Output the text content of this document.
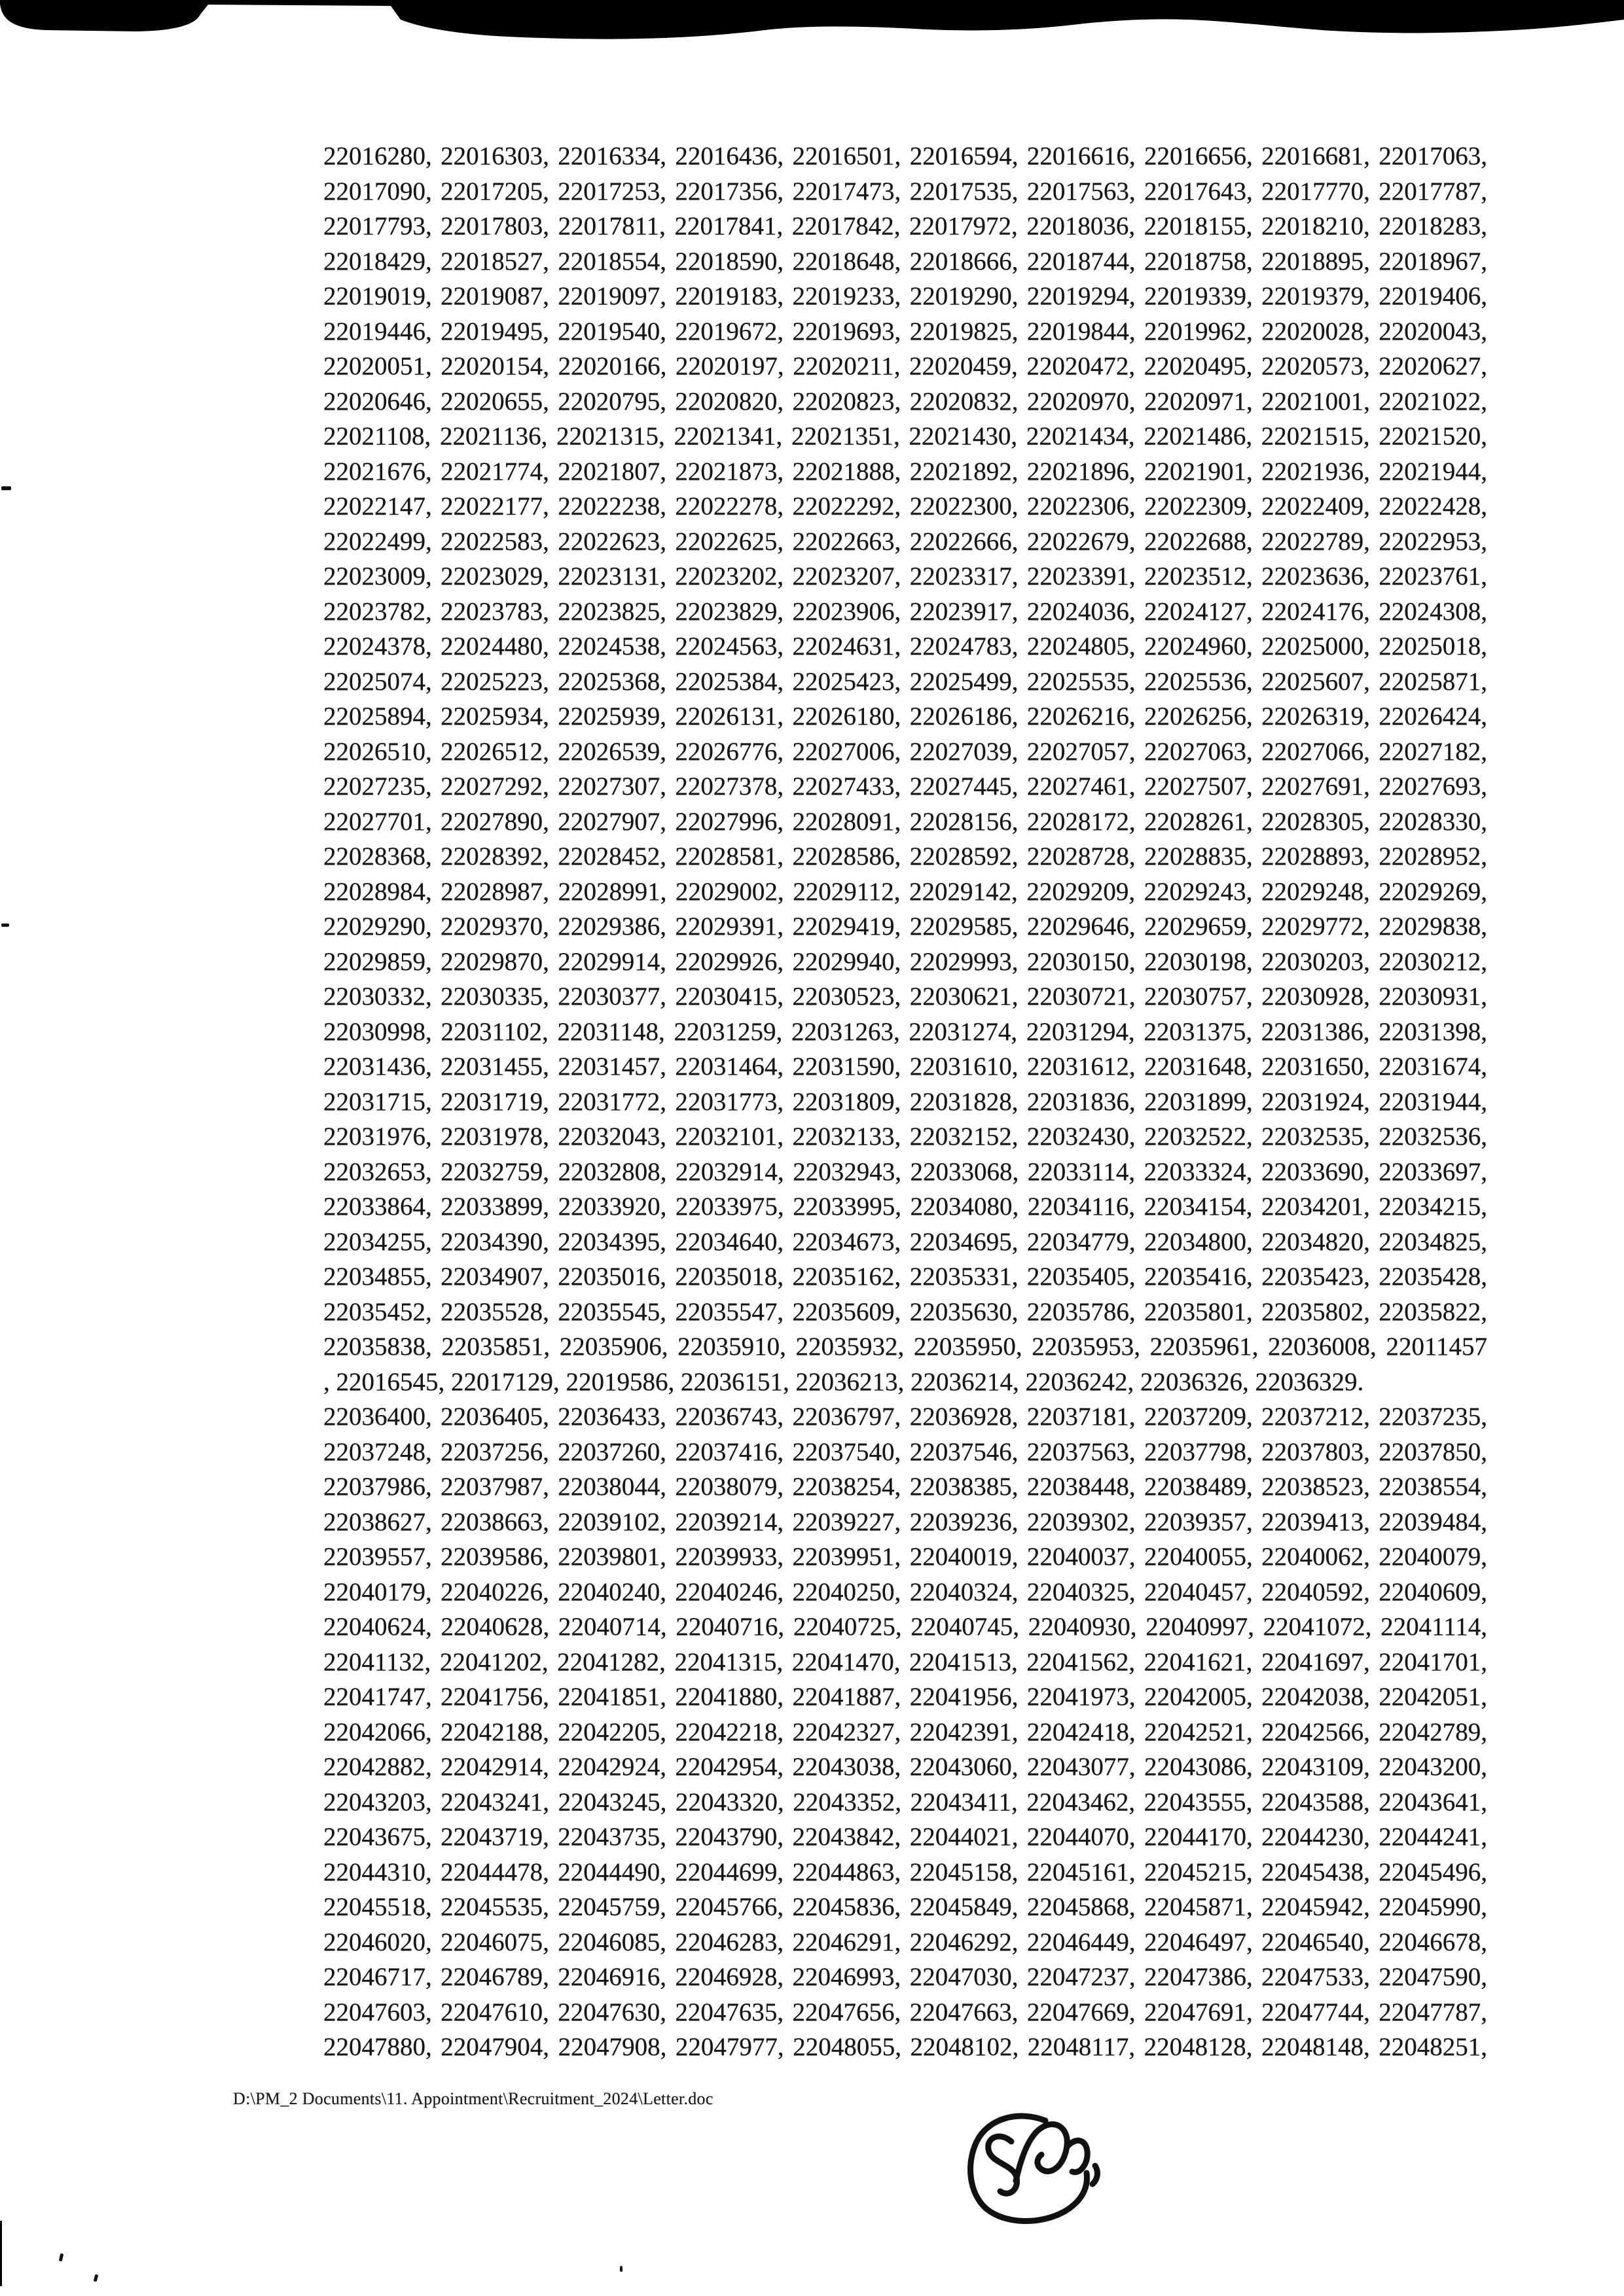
22016280, 22016303, 22016334, 22016436, 22016501, 22016594, 22016616, 22016656, 22016681, 22017063,
22017090, 22017205, 22017253, 22017356, 22017473, 22017535, 22017563, 22017643, 22017770, 22017787,
22017793, 22017803, 22017811, 22017841, 22017842, 22017972, 22018036, 22018155, 22018210, 22018283,
22018429, 22018527, 22018554, 22018590, 22018648, 22018666, 22018744, 22018758, 22018895, 22018967,
22019019, 22019087, 22019097, 22019183, 22019233, 22019290, 22019294, 22019339, 22019379, 22019406,
22019446, 22019495, 22019540, 22019672, 22019693, 22019825, 22019844, 22019962, 22020028, 22020043,
22020051, 22020154, 22020166, 22020197, 22020211, 22020459, 22020472, 22020495, 22020573, 22020627,
22020646, 22020655, 22020795, 22020820, 22020823, 22020832, 22020970, 22020971, 22021001, 22021022,
22021108, 22021136, 22021315, 22021341, 22021351, 22021430, 22021434, 22021486, 22021515, 22021520,
22021676, 22021774, 22021807, 22021873, 22021888, 22021892, 22021896, 22021901, 22021936, 22021944,
22022147, 22022177, 22022238, 22022278, 22022292, 22022300, 22022306, 22022309, 22022409, 22022428,
22022499, 22022583, 22022623, 22022625, 22022663, 22022666, 22022679, 22022688, 22022789, 22022953,
22023009, 22023029, 22023131, 22023202, 22023207, 22023317, 22023391, 22023512, 22023636, 22023761,
22023782, 22023783, 22023825, 22023829, 22023906, 22023917, 22024036, 22024127, 22024176, 22024308,
22024378, 22024480, 22024538, 22024563, 22024631, 22024783, 22024805, 22024960, 22025000, 22025018,
22025074, 22025223, 22025368, 22025384, 22025423, 22025499, 22025535, 22025536, 22025607, 22025871,
22025894, 22025934, 22025939, 22026131, 22026180, 22026186, 22026216, 22026256, 22026319, 22026424,
22026510, 22026512, 22026539, 22026776, 22027006, 22027039, 22027057, 22027063, 22027066, 22027182,
22027235, 22027292, 22027307, 22027378, 22027433, 22027445, 22027461, 22027507, 22027691, 22027693,
22027701, 22027890, 22027907, 22027996, 22028091, 22028156, 22028172, 22028261, 22028305, 22028330,
22028368, 22028392, 22028452, 22028581, 22028586, 22028592, 22028728, 22028835, 22028893, 22028952,
22028984, 22028987, 22028991, 22029002, 22029112, 22029142, 22029209, 22029243, 22029248, 22029269,
22029290, 22029370, 22029386, 22029391, 22029419, 22029585, 22029646, 22029659, 22029772, 22029838,
22029859, 22029870, 22029914, 22029926, 22029940, 22029993, 22030150, 22030198, 22030203, 22030212,
22030332, 22030335, 22030377, 22030415, 22030523, 22030621, 22030721, 22030757, 22030928, 22030931,
22030998, 22031102, 22031148, 22031259, 22031263, 22031274, 22031294, 22031375, 22031386, 22031398,
22031436, 22031455, 22031457, 22031464, 22031590, 22031610, 22031612, 22031648, 22031650, 22031674,
22031715, 22031719, 22031772, 22031773, 22031809, 22031828, 22031836, 22031899, 22031924, 22031944,
22031976, 22031978, 22032043, 22032101, 22032133, 22032152, 22032430, 22032522, 22032535, 22032536,
22032653, 22032759, 22032808, 22032914, 22032943, 22033068, 22033114, 22033324, 22033690, 22033697,
22033864, 22033899, 22033920, 22033975, 22033995, 22034080, 22034116, 22034154, 22034201, 22034215,
22034255, 22034390, 22034395, 22034640, 22034673, 22034695, 22034779, 22034800, 22034820, 22034825,
22034855, 22034907, 22035016, 22035018, 22035162, 22035331, 22035405, 22035416, 22035423, 22035428,
22035452, 22035528, 22035545, 22035547, 22035609, 22035630, 22035786, 22035801, 22035802, 22035822,
22035838, 22035851, 22035906, 22035910, 22035932, 22035950, 22035953, 22035961, 22036008, 22011457
, 22016545, 22017129, 22019586, 22036151, 22036213, 22036214, 22036242, 22036326, 22036329.
22036400, 22036405, 22036433, 22036743, 22036797, 22036928, 22037181, 22037209, 22037212, 22037235,
22037248, 22037256, 22037260, 22037416, 22037540, 22037546, 22037563, 22037798, 22037803, 22037850,
22037986, 22037987, 22038044, 22038079, 22038254, 22038385, 22038448, 22038489, 22038523, 22038554,
22038627, 22038663, 22039102, 22039214, 22039227, 22039236, 22039302, 22039357, 22039413, 22039484,
22039557, 22039586, 22039801, 22039933, 22039951, 22040019, 22040037, 22040055, 22040062, 22040079,
22040179, 22040226, 22040240, 22040246, 22040250, 22040324, 22040325, 22040457, 22040592, 22040609,
22040624, 22040628, 22040714, 22040716, 22040725, 22040745, 22040930, 22040997, 22041072, 22041114,
22041132, 22041202, 22041282, 22041315, 22041470, 22041513, 22041562, 22041621, 22041697, 22041701,
22041747, 22041756, 22041851, 22041880, 22041887, 22041956, 22041973, 22042005, 22042038, 22042051,
22042066, 22042188, 22042205, 22042218, 22042327, 22042391, 22042418, 22042521, 22042566, 22042789,
22042882, 22042914, 22042924, 22042954, 22043038, 22043060, 22043077, 22043086, 22043109, 22043200,
22043203, 22043241, 22043245, 22043320, 22043352, 22043411, 22043462, 22043555, 22043588, 22043641,
22043675, 22043719, 22043735, 22043790, 22043842, 22044021, 22044070, 22044170, 22044230, 22044241,
22044310, 22044478, 22044490, 22044699, 22044863, 22045158, 22045161, 22045215, 22045438, 22045496,
22045518, 22045535, 22045759, 22045766, 22045836, 22045849, 22045868, 22045871, 22045942, 22045990,
22046020, 22046075, 22046085, 22046283, 22046291, 22046292, 22046449, 22046497, 22046540, 22046678,
22046717, 22046789, 22046916, 22046928, 22046993, 22047030, 22047237, 22047386, 22047533, 22047590,
22047603, 22047610, 22047630, 22047635, 22047656, 22047663, 22047669, 22047691, 22047744, 22047787,
22047880, 22047904, 22047908, 22047977, 22048055, 22048102, 22048117, 22048128, 22048148, 22048251,
D:\PM_2 Documents\11. Appointment\Recruitment_2024\Letter.doc
